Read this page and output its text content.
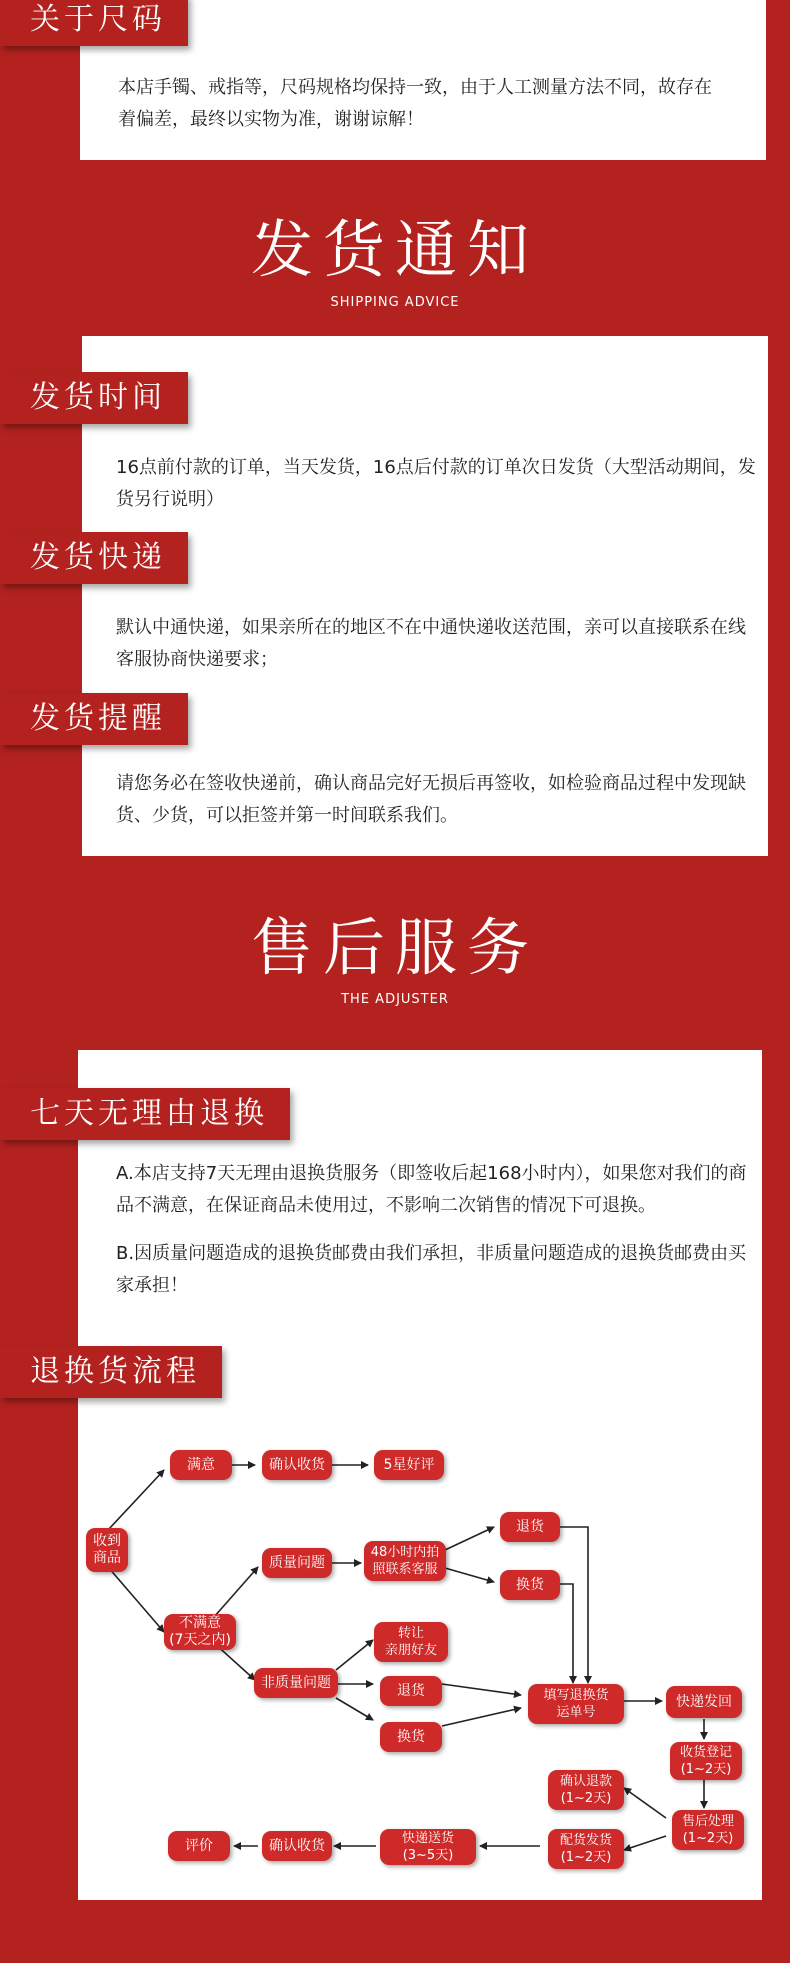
关于尺码
本店手镯、戒指等，尺码规格均保持一致，由于人工测量方法不同，故存在着偏差，最终以实物为准，谢谢谅解！
发货通知
SHIPPING ADVICE
发货时间
16点前付款的订单，当天发货，16点后付款的订单次日发货（大型活动期间，发货另行说明）
发货快递
默认中通快递，如果亲所在的地区不在中通快递收送范围，亲可以直接联系在线客服协商快递要求；
发货提醒
请您务必在签收快递前，确认商品完好无损后再签收，如检验商品过程中发现缺货、少货，可以拒签并第一时间联系我们。
售后服务
THE ADJUSTER
七天无理由退换
A.本店支持7天无理由退换货服务（即签收后起168小时内），如果您对我们的商品不满意，在保证商品未使用过，不影响二次销售的情况下可退换。
B.因质量问题造成的退换货邮费由我们承担，非质量问题造成的退换货邮费由买家承担！
退换货流程
收到
商品
满意	确认收货	5星好评
不满意
(7天之内)
质量问题
48小时内拍
照联系客服
退货
换货
非质量问题
转让
亲朋好友
退货
换货
填写退换货
运单号
快递发回
收货登记
(1~2天)
售后处理
(1~2天)
确认退款
(1~2天)
配货发货
(1~2天)
快递送货
(3~5天)
确认收货
评价
